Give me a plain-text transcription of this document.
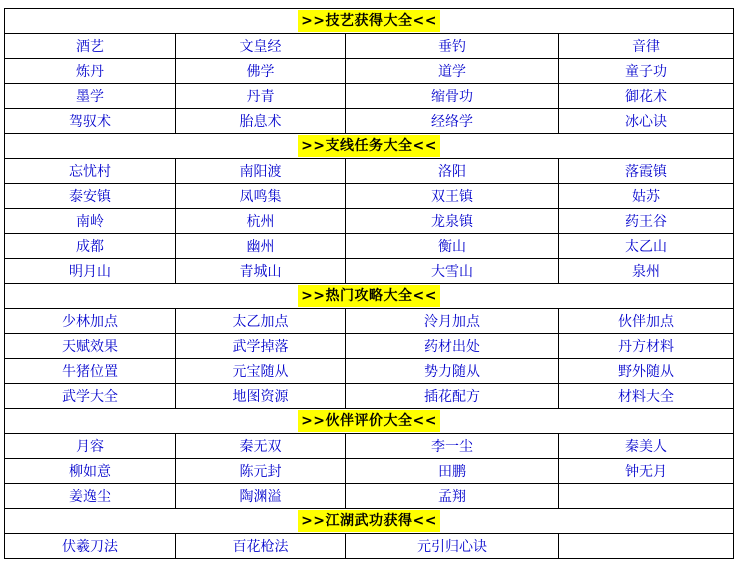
>>技艺获得大全<<			
酒艺	文皇经	垂钓	音律
炼丹	佛学	道学	童子功
墨学	丹青	缩骨功	御花术
驾驭术	胎息术	经络学	冰心诀
>>支线任务大全<<			
忘忧村	南阳渡	洛阳	落霞镇
泰安镇	凤鸣集	双王镇	姑苏
南岭	杭州	龙泉镇	药王谷
成都	幽州	衡山	太乙山
明月山	青城山	大雪山	泉州
>>热门攻略大全<<			
少林加点	太乙加点	泠月加点	伙伴加点
天赋效果	武学掉落	药材出处	丹方材料
牛猪位置	元宝随从	势力随从	野外随从
武学大全	地图资源	插花配方	材料大全
>>伙伴评价大全<<			
月容	秦无双	李一尘	秦美人
柳如意	陈元封	田鹏	钟无月
姜逸尘	陶渊溢	孟翔	
>>江湖武功获得<<			
伏羲刀法	百花枪法	元引归心诀	
